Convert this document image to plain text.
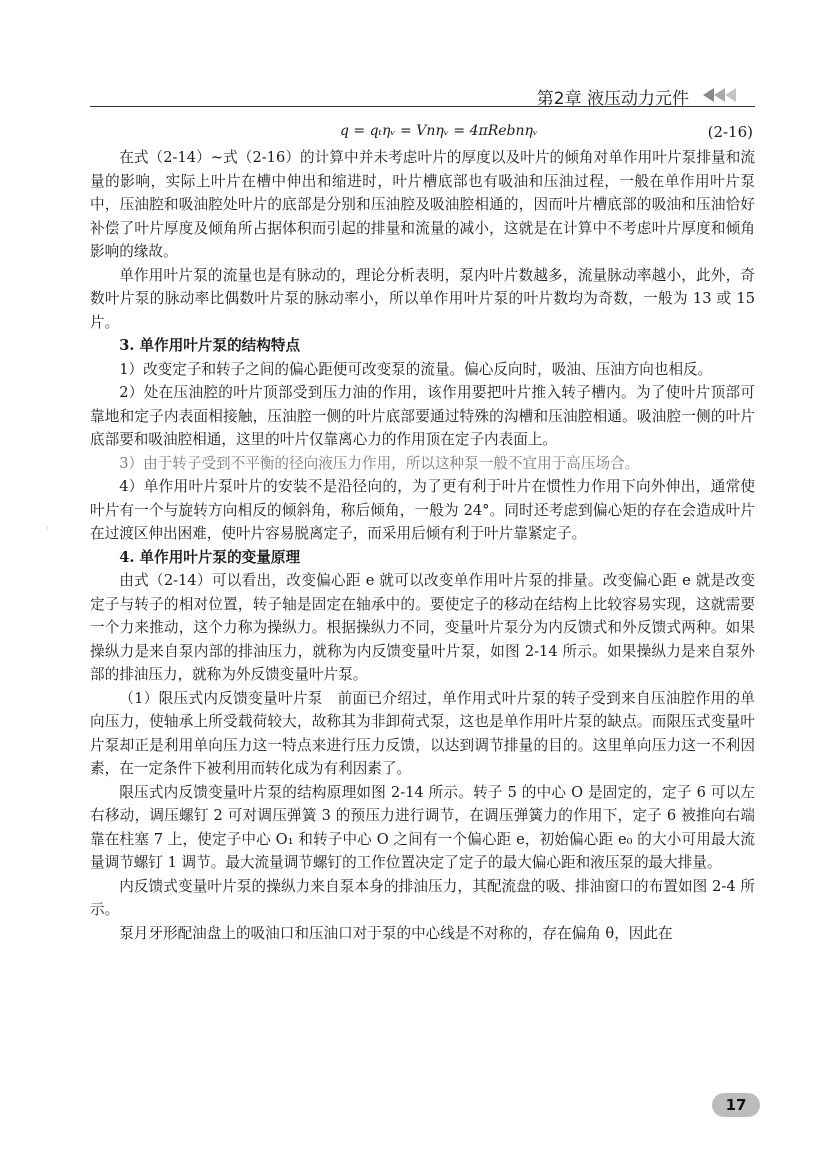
第2章 液压动力元件
q = qₜηᵥ = Vnηᵥ = 4πRebnηᵥ	(2-16)

在式（2-14）~式（2-16）的计算中并未考虑叶片的厚度以及叶片的倾角对单作用叶片泵排量和流量的影响，实际上叶片在槽中伸出和缩进时，叶片槽底部也有吸油和压油过程，一般在单作用叶片泵中，压油腔和吸油腔处叶片的底部是分别和压油腔及吸油腔相通的，因而叶片槽底部的吸油和压油恰好补偿了叶片厚度及倾角所占据体积而引起的排量和流量的减小，这就是在计算中不考虑叶片厚度和倾角影响的缘故。

单作用叶片泵的流量也是有脉动的，理论分析表明，泵内叶片数越多，流量脉动率越小，此外，奇数叶片泵的脉动率比偶数叶片泵的脉动率小，所以单作用叶片泵的叶片数均为奇数，一般为 13 或 15 片。

3. 单作用叶片泵的结构特点

1）改变定子和转子之间的偏心距便可改变泵的流量。偏心反向时，吸油、压油方向也相反。

2）处在压油腔的叶片顶部受到压力油的作用，该作用要把叶片推入转子槽内。为了使叶片顶部可靠地和定子内表面相接触，压油腔一侧的叶片底部要通过特殊的沟槽和压油腔相通。吸油腔一侧的叶片底部要和吸油腔相通，这里的叶片仅靠离心力的作用顶在定子内表面上。

3）由于转子受到不平衡的径向液压力作用，所以这种泵一般不宜用于高压场合。

4）单作用叶片泵叶片的安装不是沿径向的，为了更有利于叶片在惯性力作用下向外伸出，通常使叶片有一个与旋转方向相反的倾斜角，称后倾角，一般为 24°。同时还考虑到偏心矩的存在会造成叶片在过渡区伸出困难，使叶片容易脱离定子，而采用后倾有利于叶片靠紧定子。

4. 单作用叶片泵的变量原理

由式（2-14）可以看出，改变偏心距 e 就可以改变单作用叶片泵的排量。改变偏心距 e 就是改变定子与转子的相对位置，转子轴是固定在轴承中的。要使定子的移动在结构上比较容易实现，这就需要一个力来推动，这个力称为操纵力。根据操纵力不同，变量叶片泵分为内反馈式和外反馈式两种。如果操纵力是来自泵内部的排油压力，就称为内反馈变量叶片泵，如图 2-14 所示。如果操纵力是来自泵外部的排油压力，就称为外反馈变量叶片泵。

（1）限压式内反馈变量叶片泵　前面已介绍过，单作用式叶片泵的转子受到来自压油腔作用的单向压力，使轴承上所受载荷较大，故称其为非卸荷式泵，这也是单作用叶片泵的缺点。而限压式变量叶片泵却正是利用单向压力这一特点来进行压力反馈，以达到调节排量的目的。这里单向压力这一不利因素，在一定条件下被利用而转化成为有利因素了。

限压式内反馈变量叶片泵的结构原理如图 2-14 所示。转子 5 的中心 O 是固定的，定子 6 可以左右移动，调压螺钉 2 可对调压弹簧 3 的预压力进行调节，在调压弹簧力的作用下，定子 6 被推向右端靠在柱塞 7 上，使定子中心 O₁ 和转子中心 O 之间有一个偏心距 e，初始偏心距 e₀ 的大小可用最大流量调节螺钉 1 调节。最大流量调节螺钉的工作位置决定了定子的最大偏心距和液压泵的最大排量。

内反馈式变量叶片泵的操纵力来自泵本身的排油压力，其配流盘的吸、排油窗口的布置如图 2-4 所示。

泵月牙形配油盘上的吸油口和压油口对于泵的中心线是不对称的，存在偏角 θ，因此在

·
17
